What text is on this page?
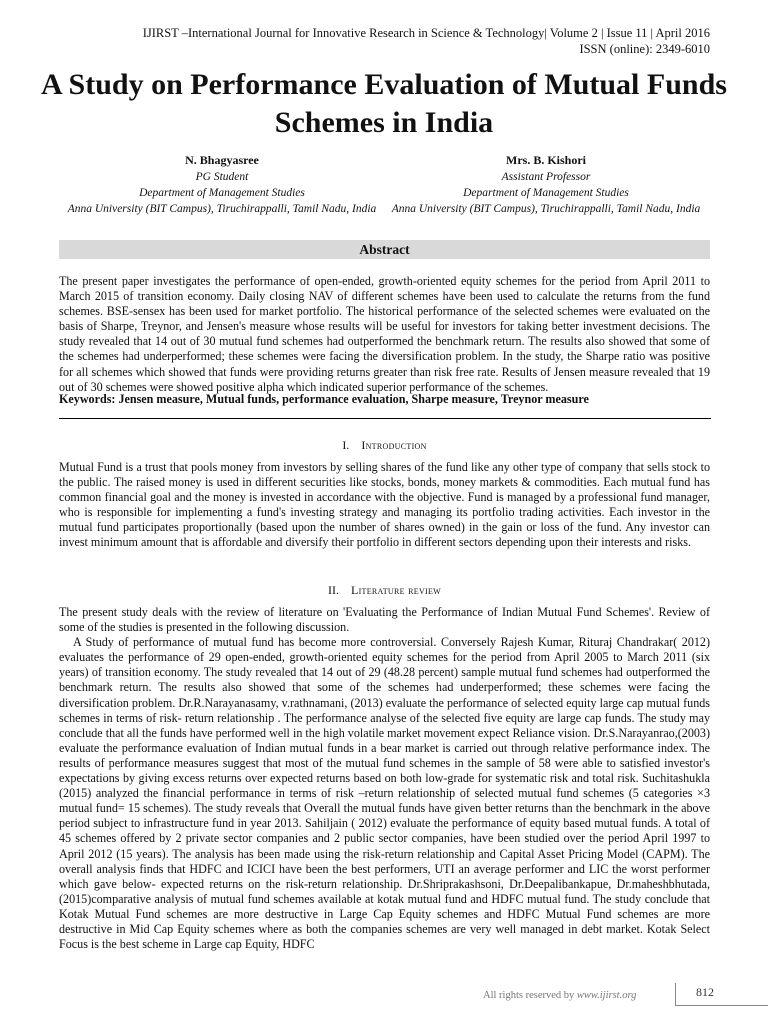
IJIRST –International Journal for Innovative Research in Science & Technology| Volume 2 | Issue 11 | April 2016
ISSN (online): 2349-6010
A Study on Performance Evaluation of Mutual Funds Schemes in India
N. Bhagyasree
PG Student
Department of Management Studies
Anna University (BIT Campus), Tiruchirappalli, Tamil Nadu, India
Mrs. B. Kishori
Assistant Professor
Department of Management Studies
Anna University (BIT Campus), Tiruchirappalli, Tamil Nadu, India
Abstract
The present paper investigates the performance of open-ended, growth-oriented equity schemes for the period from April 2011 to March 2015 of transition economy. Daily closing NAV of different schemes have been used to calculate the returns from the fund schemes. BSE-sensex has been used for market portfolio. The historical performance of the selected schemes were evaluated on the basis of Sharpe, Treynor, and Jensen's measure whose results will be useful for investors for taking better investment decisions. The study revealed that 14 out of 30 mutual fund schemes had outperformed the benchmark return. The results also showed that some of the schemes had underperformed; these schemes were facing the diversification problem. In the study, the Sharpe ratio was positive for all schemes which showed that funds were providing returns greater than risk free rate. Results of Jensen measure revealed that 19 out of 30 schemes were showed positive alpha which indicated superior performance of the schemes.
Keywords: Jensen measure, Mutual funds, performance evaluation, Sharpe measure, Treynor measure
I. Introduction

Mutual Fund is a trust that pools money from investors by selling shares of the fund like any other type of company that sells stock to the public. The raised money is used in different securities like stocks, bonds, money markets & commodities. Each mutual fund has common financial goal and the money is invested in accordance with the objective. Fund is managed by a professional fund manager, who is responsible for implementing a fund's investing strategy and managing its portfolio trading activities. Each investor in the mutual fund participates proportionally (based upon the number of shares owned) in the gain or loss of the fund. Any investor can invest minimum amount that is affordable and diversify their portfolio in different sectors depending upon their interests and risks.

II. Literature review

The present study deals with the review of literature on 'Evaluating the Performance of Indian Mutual Fund Schemes'. Review of some of the studies is presented in the following discussion.

A Study of performance of mutual fund has become more controversial. Conversely Rajesh Kumar, Rituraj Chandrakar( 2012) evaluates the performance of 29 open-ended, growth-oriented equity schemes for the period from April 2005 to March 2011 (six years) of transition economy. The study revealed that 14 out of 29 (48.28 percent) sample mutual fund schemes had outperformed the benchmark return. The results also showed that some of the schemes had underperformed; these schemes were facing the diversification problem. Dr.R.Narayanasamy, v.rathnamani, (2013) evaluate the performance of selected equity large cap mutual funds schemes in terms of risk- return relationship . The performance analyse of the selected five equity are large cap funds. The study may conclude that all the funds have performed well in the high volatile market movement expect Reliance vision. Dr.S.Narayanrao,(2003) evaluate the performance evaluation of Indian mutual funds in a bear market is carried out through relative performance index. The results of performance measures suggest that most of the mutual fund schemes in the sample of 58 were able to satisfied investor's expectations by giving excess returns over expected returns based on both low-grade for systematic risk and total risk. Suchitashukla (2015) analyzed the financial performance in terms of risk –return relationship of selected mutual fund schemes (5 categories ×3 mutual fund= 15 schemes). The study reveals that Overall the mutual funds have given better returns than the benchmark in the above period subject to infrastructure fund in year 2013. Sahiljain ( 2012) evaluate the performance of equity based mutual funds. A total of 45 schemes offered by 2 private sector companies and 2 public sector companies, have been studied over the period April 1997 to April 2012 (15 years). The analysis has been made using the risk-return relationship and Capital Asset Pricing Model (CAPM). The overall analysis finds that HDFC and ICICI have been the best performers, UTI an average performer and LIC the worst performer which gave below- expected returns on the risk-return relationship. Dr.Shriprakashsoni, Dr.Deepalibankapue, Dr.maheshbhutada, (2015)comparative analysis of mutual fund schemes available at kotak mutual fund and HDFC mutual fund. The study conclude that Kotak Mutual Fund schemes are more destructive in Large Cap Equity schemes and HDFC Mutual Fund schemes are more destructive in Mid Cap Equity schemes where as both the companies schemes are very well managed in debt market. Kotak Select Focus is the best scheme in Large cap Equity, HDFC

All rights reserved by www.ijirst.org	812
